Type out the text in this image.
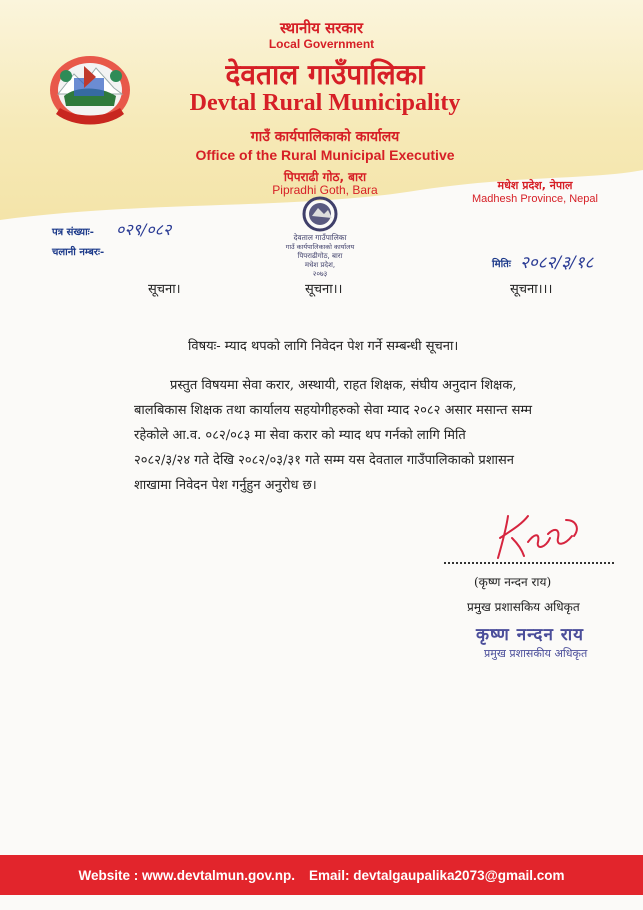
स्थानीय सरकार
Local Government
देवताल गाउँपालिका
Devtal Rural Municipality
गाउँ कार्यपालिकाको कार्यालय
Office of the Rural Municipal Executive
पिपराढी गोठ, बारा
Pipradhi Goth, Bara	मधेश प्रदेश, नेपाल
Madhesh Province, Nepal
देवताल गाउँपालिका
गाउँ कार्यपालिकाको कार्यालय
पिपराढीगोठ, बारा
मधेश प्रदेश,
२०७३
पत्र संख्याः- ०२९/०८२
चलानी नम्बरः-
मितिः २०८२/३/१८
सूचना।	सूचना।।	सूचना।।।
विषयः- म्याद थपको लागि निवेदन पेश गर्ने सम्बन्धी सूचना।
प्रस्तुत विषयमा सेवा करार, अस्थायी, राहत शिक्षक, संघीय अनुदान शिक्षक,
बालबिकास शिक्षक तथा कार्यालय सहयोगीहरुको सेवा म्याद २०८२ असार मसान्त सम्म
रहेकोले आ.व. ०८२/०८३ मा सेवा करार को म्याद थप गर्नको लागि मिति
२०८२/३/२४ गते देखि २०८२/०३/३१ गते सम्म यस देवताल गाउँपालिकाको प्रशासन
शाखामा निवेदन पेश गर्नुहुन अनुरोध छ।
(कृष्ण नन्दन राय)
प्रमुख प्रशासकिय अधिकृत
कृष्ण नन्दन राय
प्रमुख प्रशासकीय अधिकृत
Website : www.devtalmun.gov.np. Email: devtalgaupalika2073@gmail.com
